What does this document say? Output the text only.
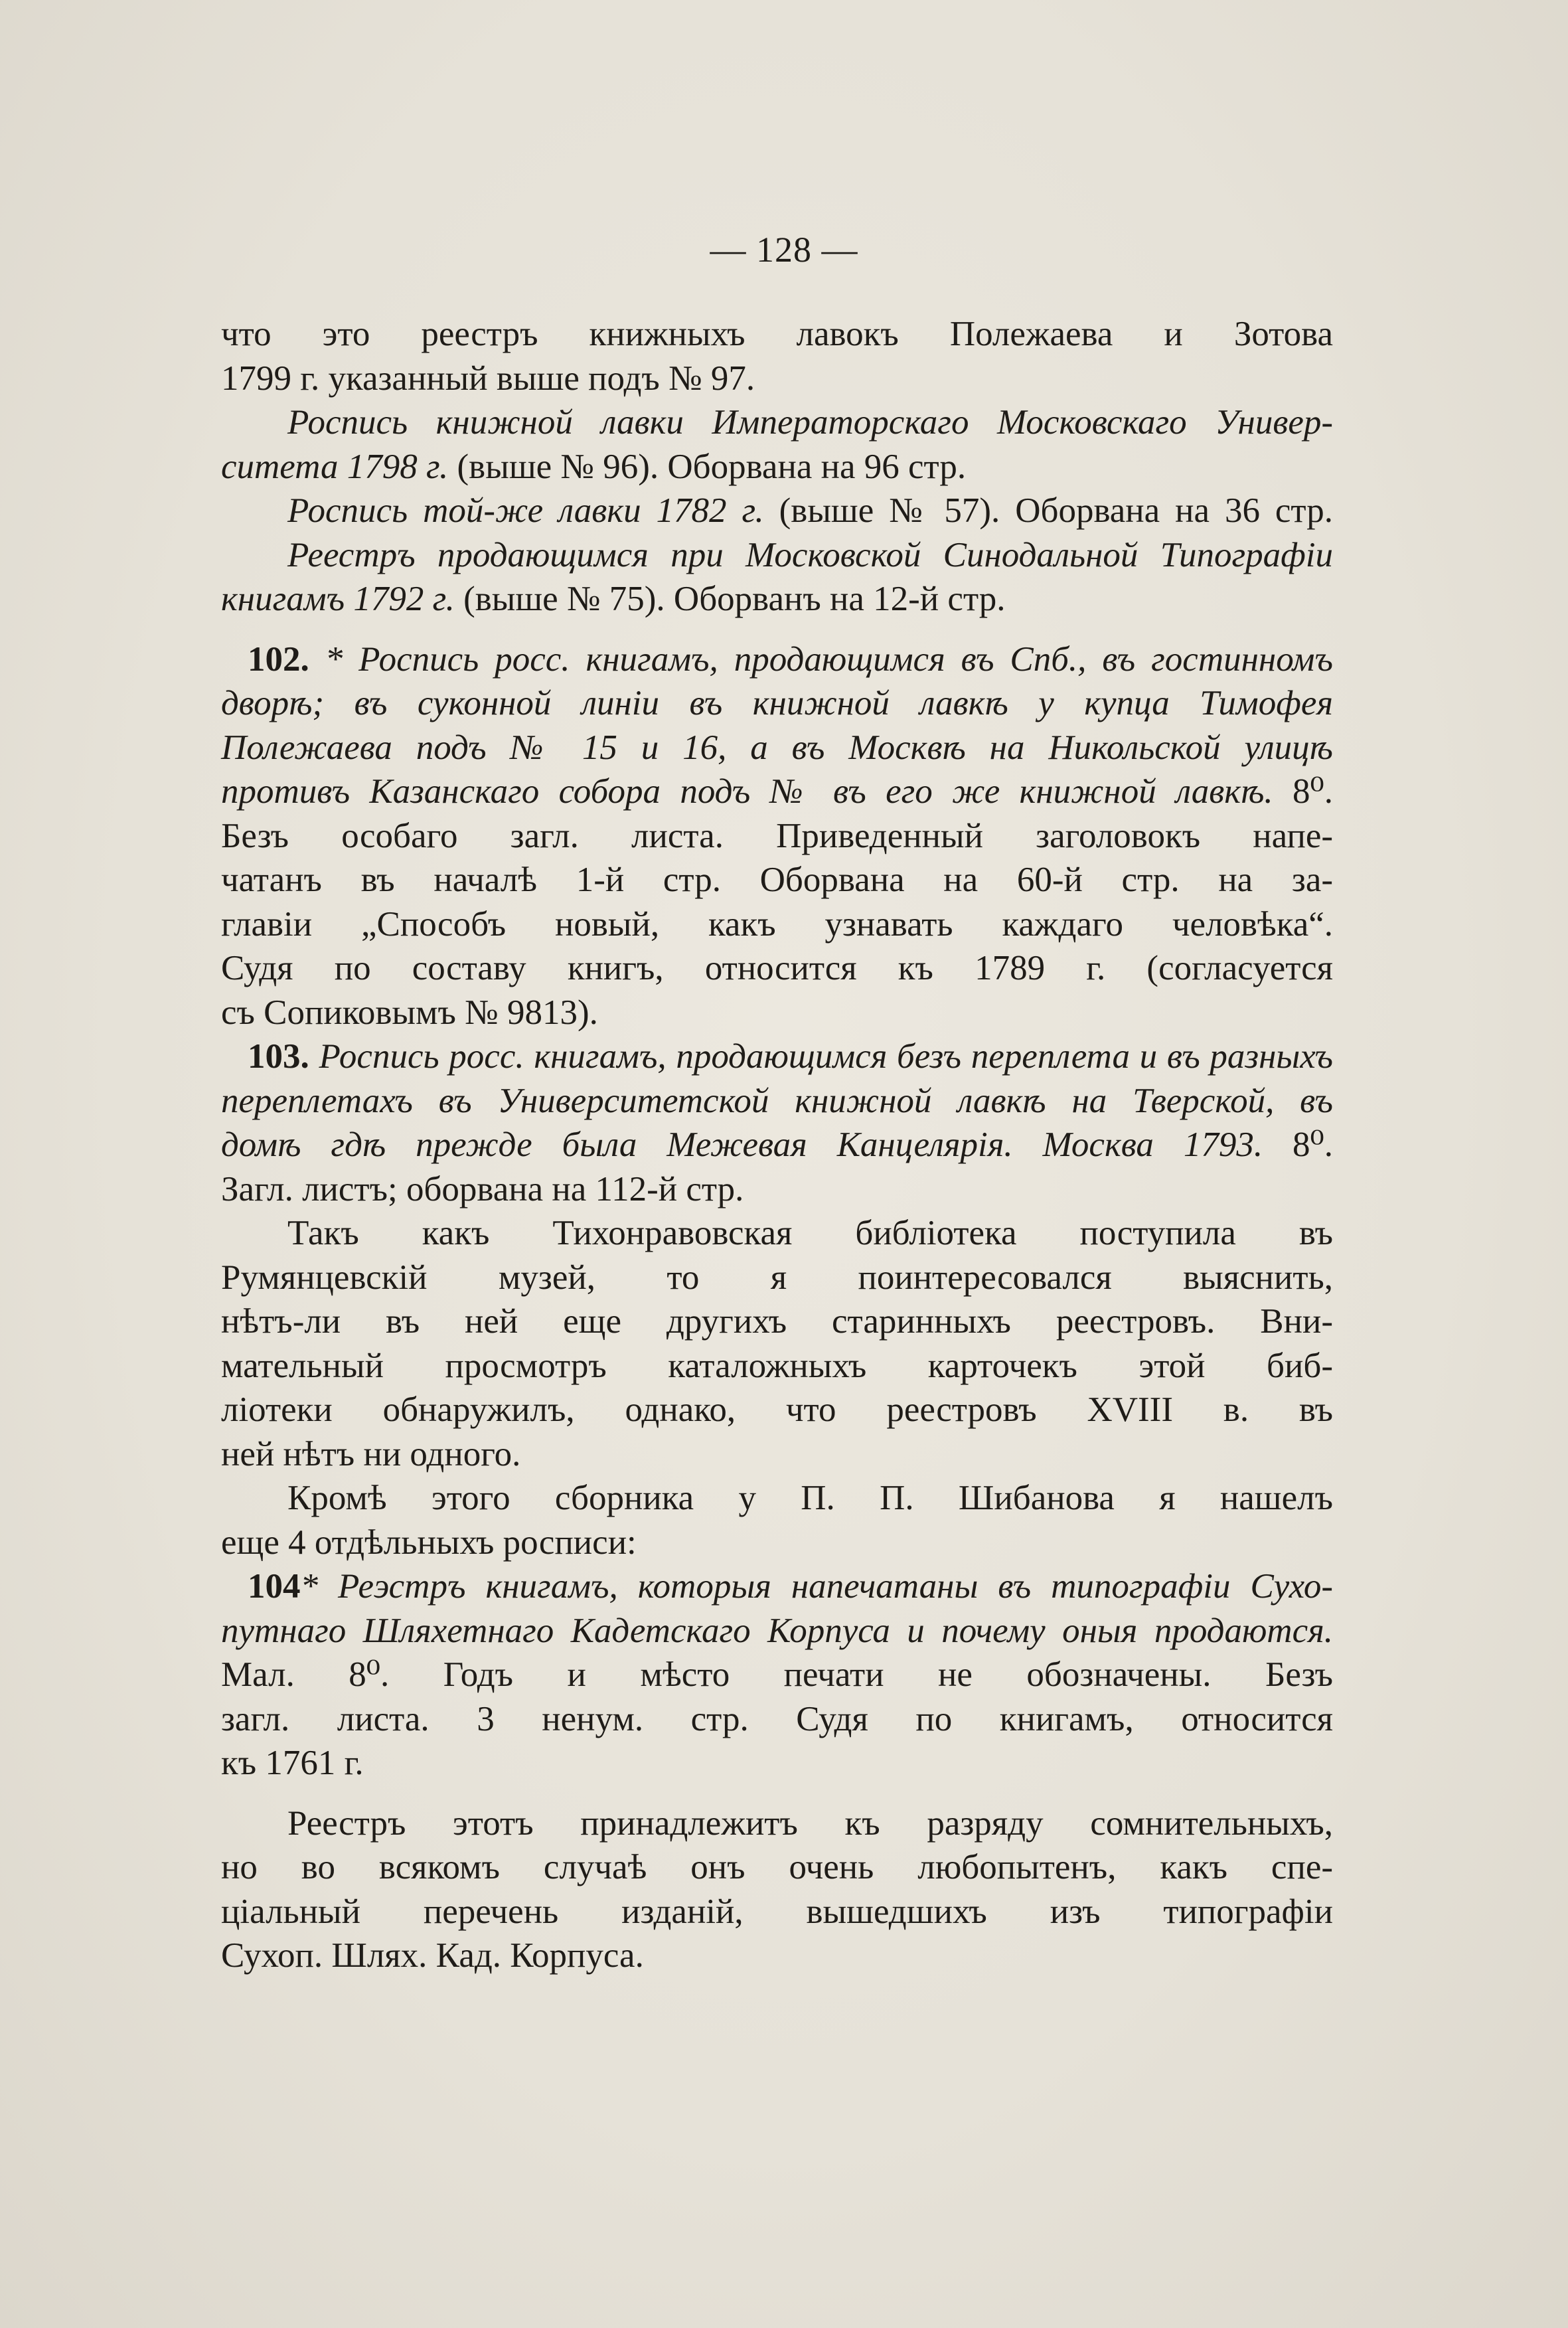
— 128 —
что это реестръ книжныхъ лавокъ Полежаева и Зотова
1799 г. указанный выше подъ № 97.
Роспись книжной лавки Императорскаго Московскаго Универ-
ситета 1798 г. (выше № 96). Оборвана на 96 стр.
Роспись той-же лавки 1782 г. (выше № 57). Оборвана на 36 стр.
Реестръ продающимся при Московской Синодальной Типографіи
книгамъ 1792 г. (выше № 75). Оборванъ на 12-й стр.
102. * Роспись росс. книгамъ, продающимся въ Спб., въ гостинномъ
дворѣ; въ суконной линіи въ книжной лавкѣ у купца Тимофея
Полежаева подъ № 15 и 16, а въ Москвѣ на Никольской улицѣ
противъ Казанскаго собора подъ № въ его же книжной лавкѣ. 8⁰.
Безъ особаго загл. листа. Приведенный заголовокъ напе-
чатанъ въ началѣ 1-й стр. Оборвана на 60-й стр. на за-
главіи „Способъ новый, какъ узнавать каждаго человѣка“.
Судя по составу книгъ, относится къ 1789 г. (согласуется
съ Сопиковымъ № 9813).
103. Роспись росс. книгамъ, продающимся безъ переплета и въ разныхъ
переплетахъ въ Университетской книжной лавкѣ на Тверской, въ
домѣ гдѣ прежде была Межевая Канцелярія. Москва 1793. 8⁰.
Загл. листъ; оборвана на 112-й стр.
Такъ какъ Тихонравовская библіотека поступила въ
Румянцевскій музей, то я поинтересовался выяснить,
нѣтъ-ли въ ней еще другихъ старинныхъ реестровъ. Вни-
мательный просмотръ каталожныхъ карточекъ этой биб-
ліотеки обнаружилъ, однако, что реестровъ XVIII в. въ
ней нѣтъ ни одного.
Кромѣ этого сборника у П. П. Шибанова я нашелъ
еще 4 отдѣльныхъ росписи:
104* Реэстръ книгамъ, которыя напечатаны въ типографіи Сухо-
путнаго Шляхетнаго Кадетскаго Корпуса и почему оныя продаются.
Мал. 8⁰. Годъ и мѣсто печати не обозначены. Безъ
загл. листа. 3 ненум. стр. Судя по книгамъ, относится
къ 1761 г.
Реестръ этотъ принадлежитъ къ разряду сомнительныхъ,
но во всякомъ случаѣ онъ очень любопытенъ, какъ спе-
ціальный перечень изданій, вышедшихъ изъ типографіи
Сухоп. Шлях. Кад. Корпуса.
